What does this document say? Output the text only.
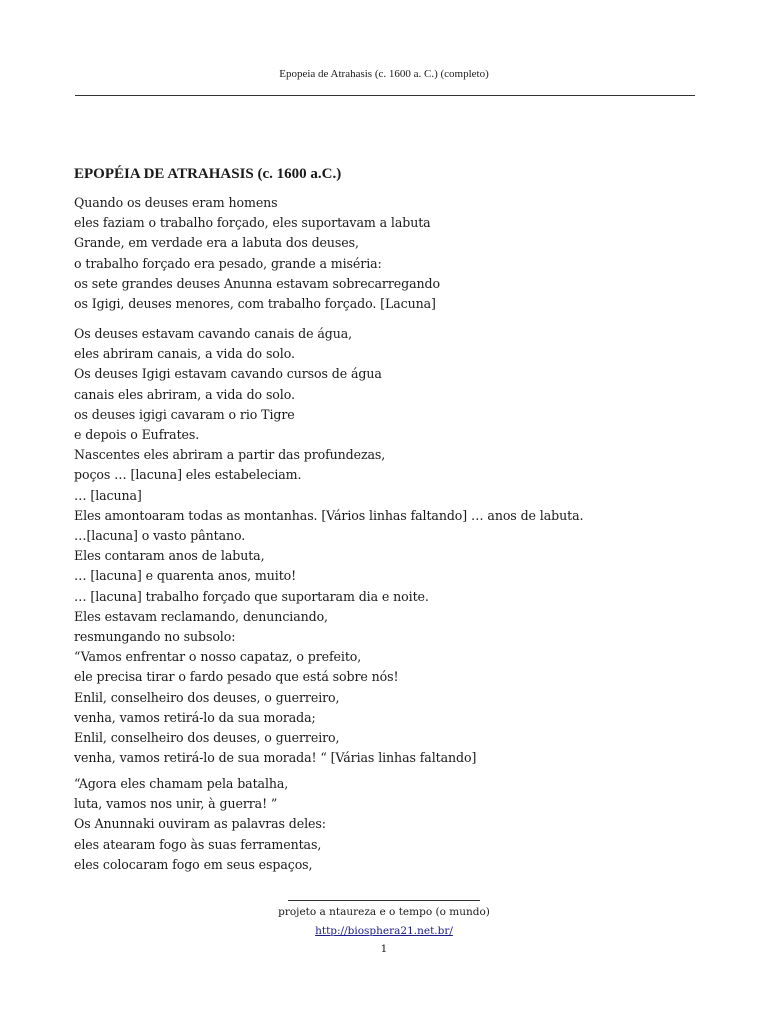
Epopeia de Atrahasis (c. 1600 a. C.) (completo)
EPOPÉIA DE ATRAHASIS (c. 1600 a.C.)
Quando os deuses eram homens
eles faziam o trabalho forçado, eles suportavam a labuta
Grande, em verdade era a labuta dos deuses,
o trabalho forçado era pesado, grande a miséria:
os sete grandes deuses Anunna estavam sobrecarregando
os Igigi, deuses menores, com trabalho forçado. [Lacuna]
Os deuses estavam cavando canais de água,
eles abriram canais, a vida do solo.
Os deuses Igigi estavam cavando cursos de água
canais eles abriram, a vida do solo.
os deuses igigi cavaram o rio Tigre
e depois o Eufrates.
Nascentes eles abriram a partir das profundezas,
poços … [lacuna] eles estabeleciam.
… [lacuna]
Eles amontoaram todas as montanhas. [Vários linhas faltando] … anos de labuta.
…[lacuna] o vasto pântano.
Eles contaram anos de labuta,
… [lacuna] e quarenta anos, muito!
… [lacuna] trabalho forçado que suportaram dia e noite.
Eles estavam reclamando, denunciando,
resmungando no subsolo:
“Vamos enfrentar o nosso capataz, o prefeito,
ele precisa tirar o fardo pesado que está sobre nós!
Enlil, conselheiro dos deuses, o guerreiro,
venha, vamos retirá-lo da sua morada;
Enlil, conselheiro dos deuses, o guerreiro,
venha, vamos retirá-lo de sua morada! “ [Várias linhas faltando]
“Agora eles chamam pela batalha,
luta, vamos nos unir, à guerra! ”
Os Anunnaki ouviram as palavras deles:
eles atearam fogo às suas ferramentas,
eles colocaram fogo em seus espaços,
projeto a ntaureza e o tempo (o mundo)
http://biosphera21.net.br/
1
